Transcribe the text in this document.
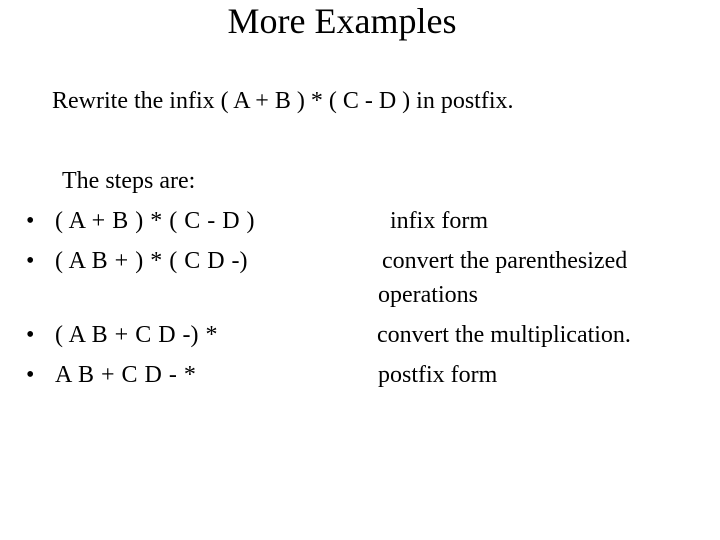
More Examples
Rewrite the infix ( A + B ) * ( C - D ) in postfix.
The steps are:
• ( A + B ) * ( C - D )	infix form
• ( A B + ) * ( C D -)	convert the parenthesized
operations
• ( A B + C D -) *	convert the multiplication.
• A B + C D - *	postfix form
